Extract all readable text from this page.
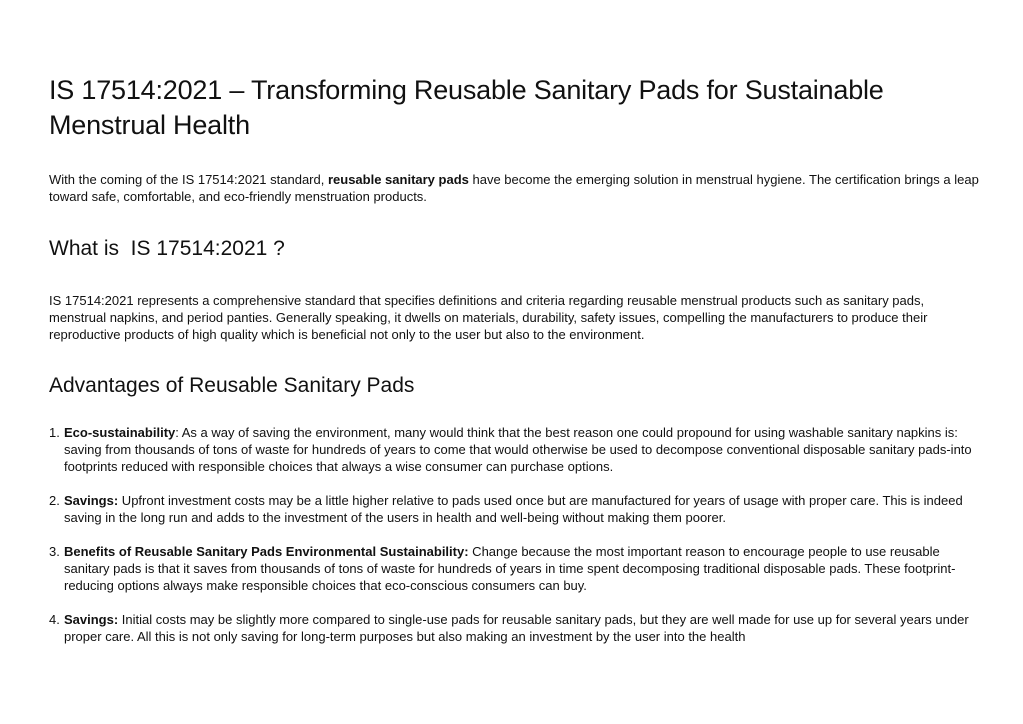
IS 17514:2021 – Transforming Reusable Sanitary Pads for Sustainable Menstrual Health

With the coming of the IS 17514:2021 standard, reusable sanitary pads have become the emerging solution in menstrual hygiene. The certification brings a leap toward safe, comfortable, and eco-friendly menstruation products.

What is  IS 17514:2021 ?

IS 17514:2021 represents a comprehensive standard that specifies definitions and criteria regarding reusable menstrual products such as sanitary pads, menstrual napkins, and period panties. Generally speaking, it dwells on materials, durability, safety issues, compelling the manufacturers to produce their reproductive products of high quality which is beneficial not only to the user but also to the environment.

Advantages of Reusable Sanitary Pads
1. Eco-sustainability: As a way of saving the environment, many would think that the best reason one could propound for using washable sanitary napkins is: saving from thousands of tons of waste for hundreds of years to come that would otherwise be used to decompose conventional disposable sanitary pads-into footprints reduced with responsible choices that always a wise consumer can purchase options.
2. Savings: Upfront investment costs may be a little higher relative to pads used once but are manufactured for years of usage with proper care. This is indeed saving in the long run and adds to the investment of the users in health and well-being without making them poorer.
3. Benefits of Reusable Sanitary Pads Environmental Sustainability: Change because the most important reason to encourage people to use reusable sanitary pads is that it saves from thousands of tons of waste for hundreds of years in time spent decomposing traditional disposable pads. These footprint-reducing options always make responsible choices that eco-conscious consumers can buy.
4. Savings: Initial costs may be slightly more compared to single-use pads for reusable sanitary pads, but they are well made for use up for several years under proper care. All this is not only saving for long-term purposes but also making an investment by the user into the health
